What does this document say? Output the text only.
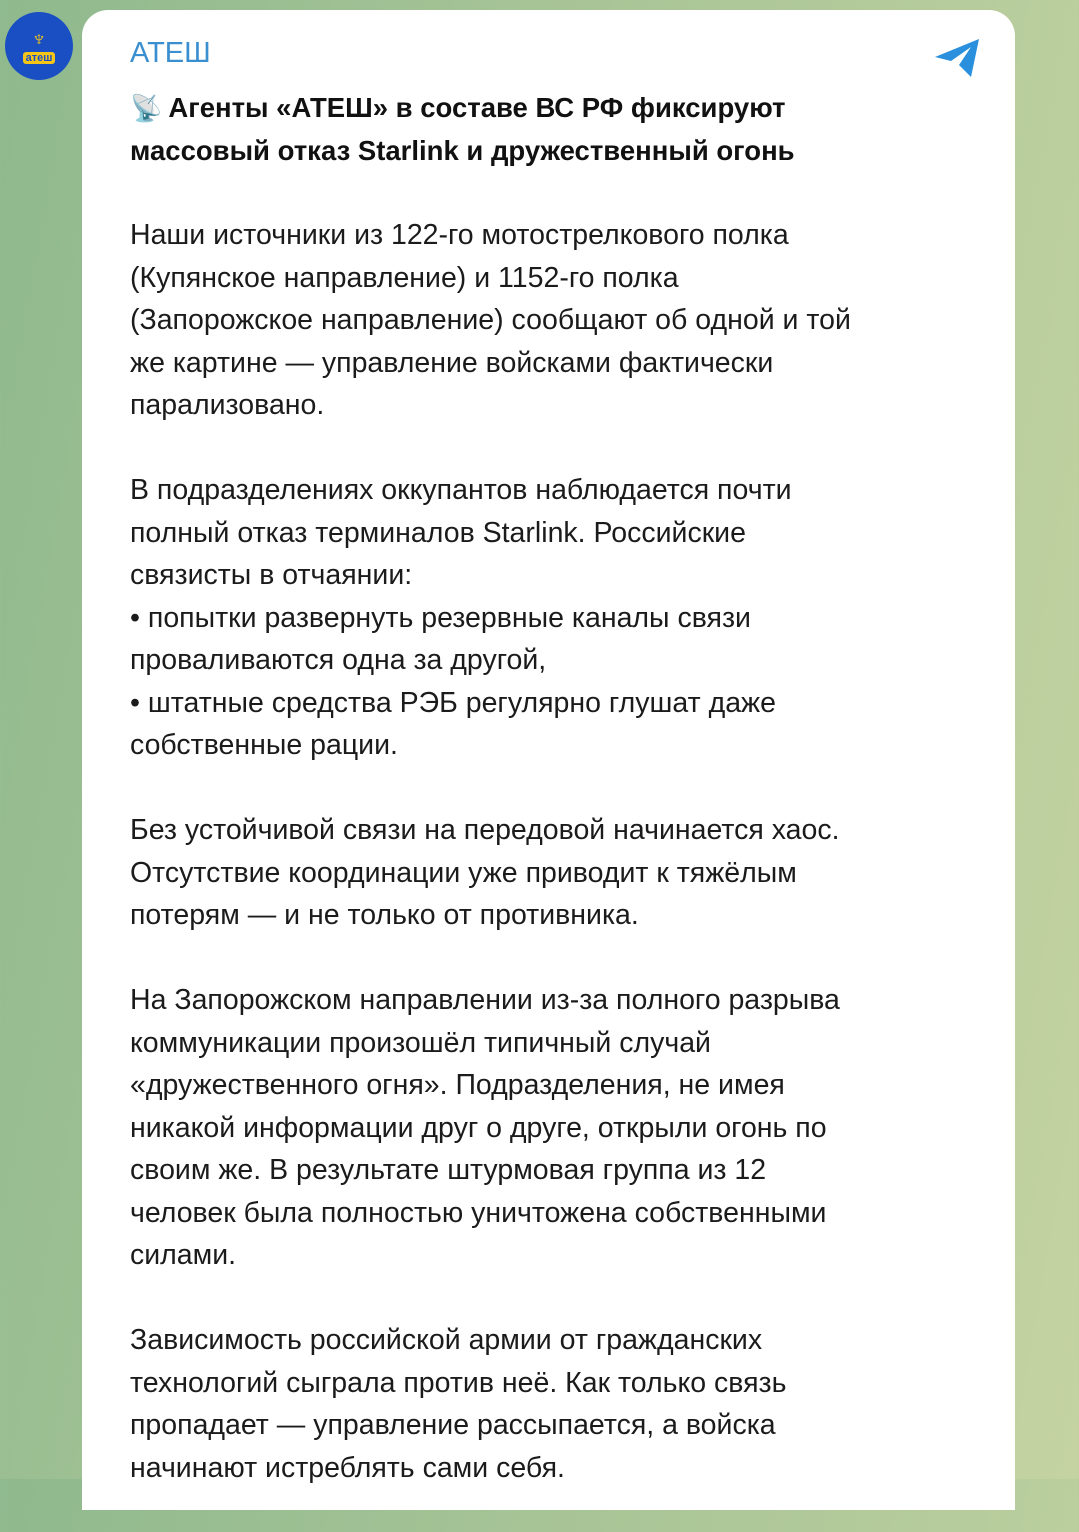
♆
атеш	АТЕШ
📡 Агенты «АТЕШ» в составе ВС РФ фиксируют
массовый отказ Starlink и дружественный огонь
Наши источники из 122-го мотострелкового полка
(Купянское направление) и 1152-го полка
(Запорожское направление) сообщают об одной и той
же картине — управление войсками фактически
парализовано.
В подразделениях оккупантов наблюдается почти
полный отказ терминалов Starlink. Российские
связисты в отчаянии:
• попытки развернуть резервные каналы связи
проваливаются одна за другой,
• штатные средства РЭБ регулярно глушат даже
собственные рации.
Без устойчивой связи на передовой начинается хаос.
Отсутствие координации уже приводит к тяжёлым
потерям — и не только от противника.
На Запорожском направлении из-за полного разрыва
коммуникации произошёл типичный случай
«дружественного огня». Подразделения, не имея
никакой информации друг о друге, открыли огонь по
своим же. В результате штурмовая группа из 12
человек была полностью уничтожена собственными
силами.
Зависимость российской армии от гражданских
технологий сыграла против неё. Как только связь
пропадает — управление рассыпается, а войска
начинают истреблять сами себя.
